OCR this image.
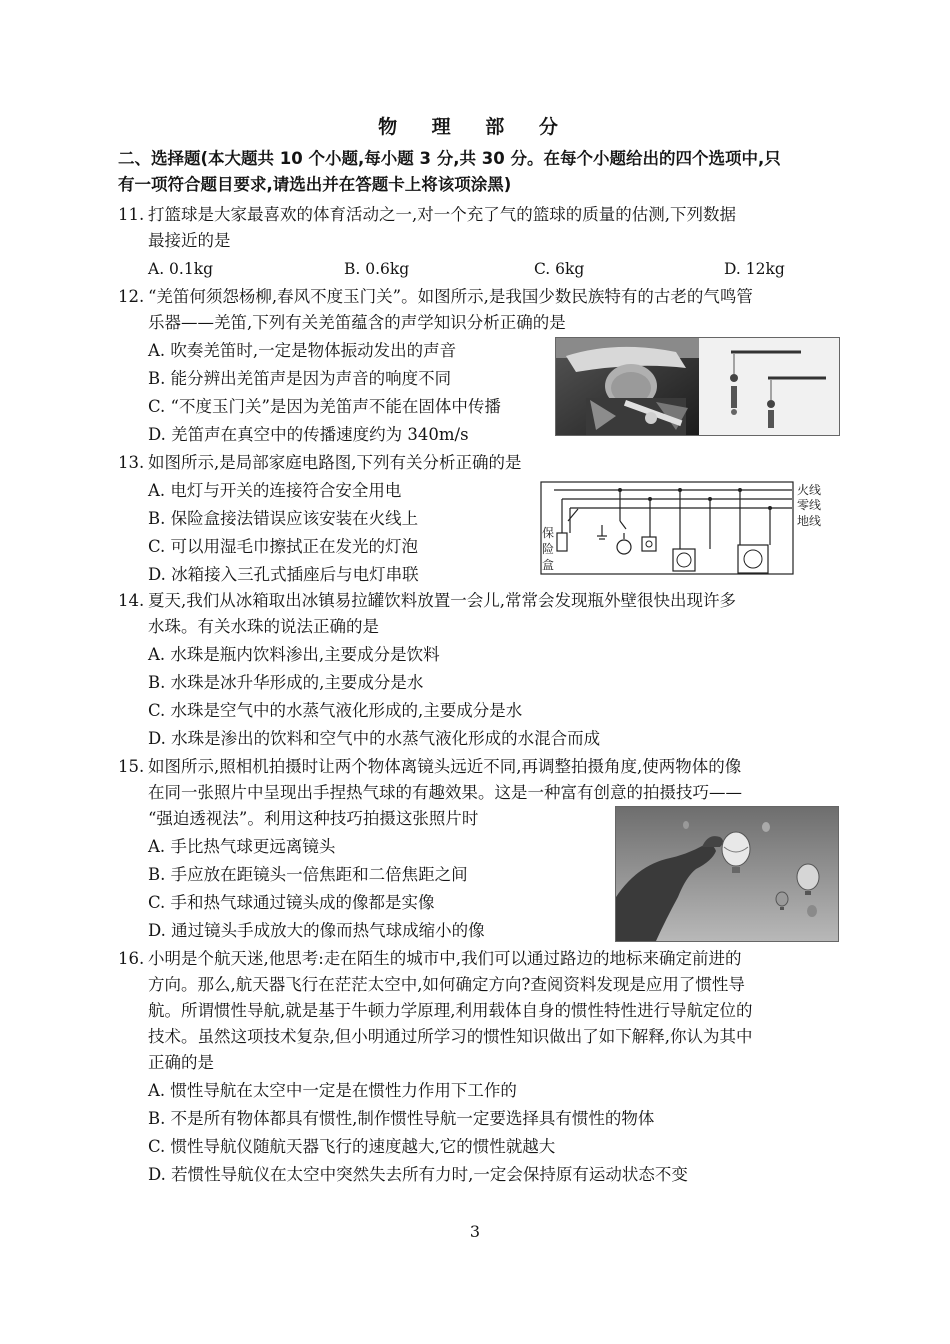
物 理 部 分
二、选择题(本大题共 10 个小题,每小题 3 分,共 30 分。在每个小题给出的四个选项中,只
有一项符合题目要求,请选出并在答题卡上将该项涂黑)
11. 打篮球是大家最喜欢的体育活动之一,对一个充了气的篮球的质量的估测,下列数据
最接近的是
A. 0.1kg	B. 0.6kg	C. 6kg	D. 12kg
12. “羌笛何须怨杨柳,春风不度玉门关”。如图所示,是我国少数民族特有的古老的气鸣管
乐器——羌笛,下列有关羌笛蕴含的声学知识分析正确的是
A. 吹奏羌笛时,一定是物体振动发出的声音
B. 能分辨出羌笛声是因为声音的响度不同
C. “不度玉门关”是因为羌笛声不能在固体中传播
D. 羌笛声在真空中的传播速度约为 340m/s
13. 如图所示,是局部家庭电路图,下列有关分析正确的是
A. 电灯与开关的连接符合安全用电
B. 保险盒接法错误应该安装在火线上
C. 可以用湿毛巾擦拭正在发光的灯泡
D. 冰箱接入三孔式插座后与电灯串联
火线
零线
地线
保
险
盒
14. 夏天,我们从冰箱取出冰镇易拉罐饮料放置一会儿,常常会发现瓶外壁很快出现许多
水珠。有关水珠的说法正确的是
A. 水珠是瓶内饮料渗出,主要成分是饮料
B. 水珠是冰升华形成的,主要成分是水
C. 水珠是空气中的水蒸气液化形成的,主要成分是水
D. 水珠是渗出的饮料和空气中的水蒸气液化形成的水混合而成
15. 如图所示,照相机拍摄时让两个物体离镜头远近不同,再调整拍摄角度,使两物体的像
在同一张照片中呈现出手捏热气球的有趣效果。这是一种富有创意的拍摄技巧——
“强迫透视法”。利用这种技巧拍摄这张照片时
A. 手比热气球更远离镜头
B. 手应放在距镜头一倍焦距和二倍焦距之间
C. 手和热气球通过镜头成的像都是实像
D. 通过镜头手成放大的像而热气球成缩小的像
16. 小明是个航天迷,他思考:走在陌生的城市中,我们可以通过路边的地标来确定前进的
方向。那么,航天器飞行在茫茫太空中,如何确定方向?查阅资料发现是应用了惯性导
航。所谓惯性导航,就是基于牛顿力学原理,利用载体自身的惯性特性进行导航定位的
技术。虽然这项技术复杂,但小明通过所学习的惯性知识做出了如下解释,你认为其中
正确的是
A. 惯性导航在太空中一定是在惯性力作用下工作的
B. 不是所有物体都具有惯性,制作惯性导航一定要选择具有惯性的物体
C. 惯性导航仪随航天器飞行的速度越大,它的惯性就越大
D. 若惯性导航仪在太空中突然失去所有力时,一定会保持原有运动状态不变
3
